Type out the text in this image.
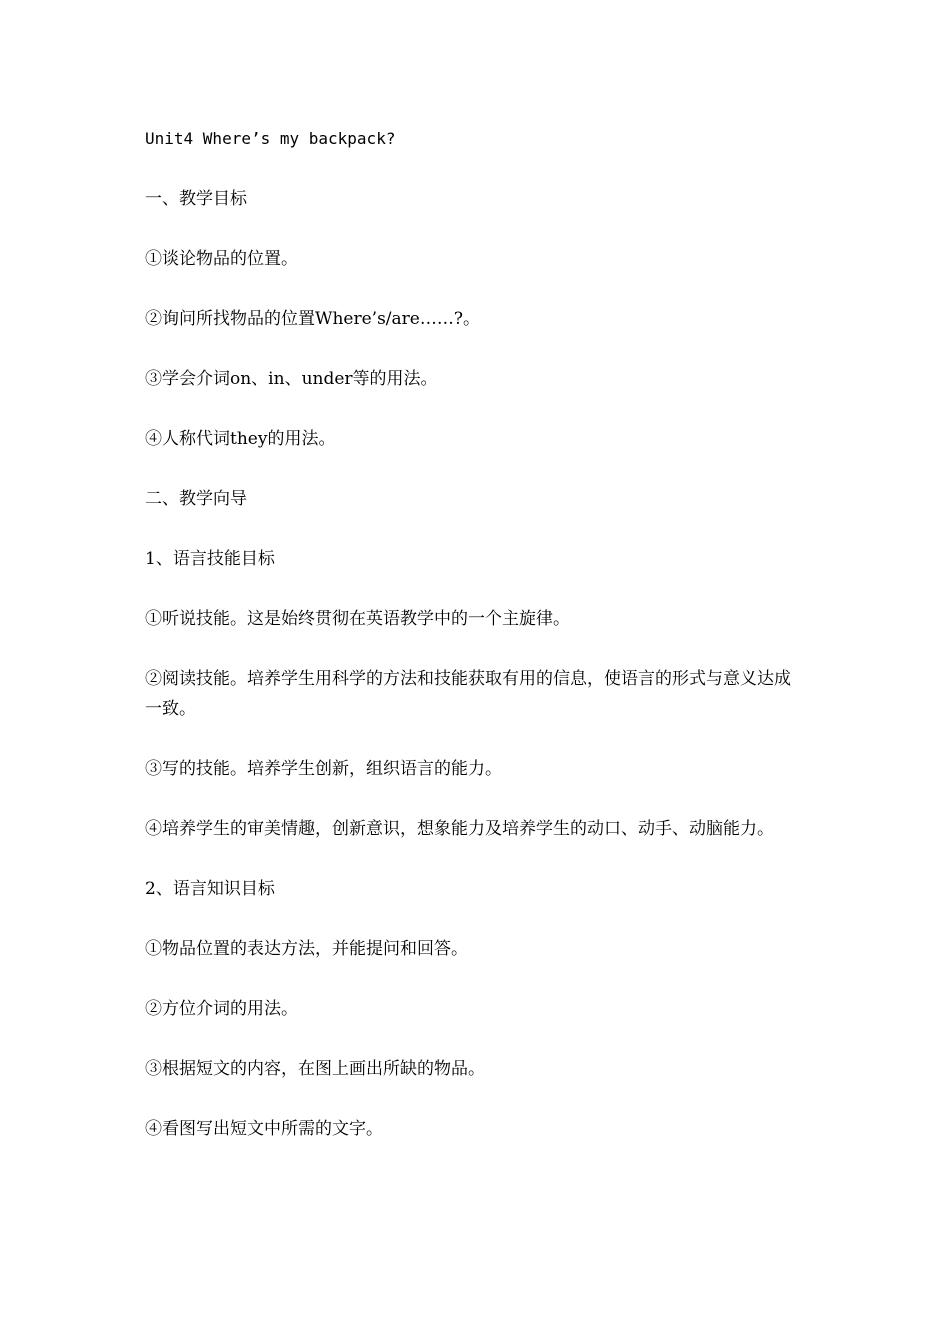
Unit4 Where’s my backpack?

一、教学目标

①谈论物品的位置。

②询问所找物品的位置Where’s/are……?。

③学会介词on、in、under等的用法。

④人称代词they的用法。

二、教学向导

1、语言技能目标

①听说技能。这是始终贯彻在英语教学中的一个主旋律。

②阅读技能。培养学生用科学的方法和技能获取有用的信息，使语言的形式与意义达成一致。

③写的技能。培养学生创新，组织语言的能力。

④培养学生的审美情趣，创新意识，想象能力及培养学生的动口、动手、动脑能力。

2、语言知识目标

①物品位置的表达方法，并能提问和回答。

②方位介词的用法。

③根据短文的内容，在图上画出所缺的物品。

④看图写出短文中所需的文字。
